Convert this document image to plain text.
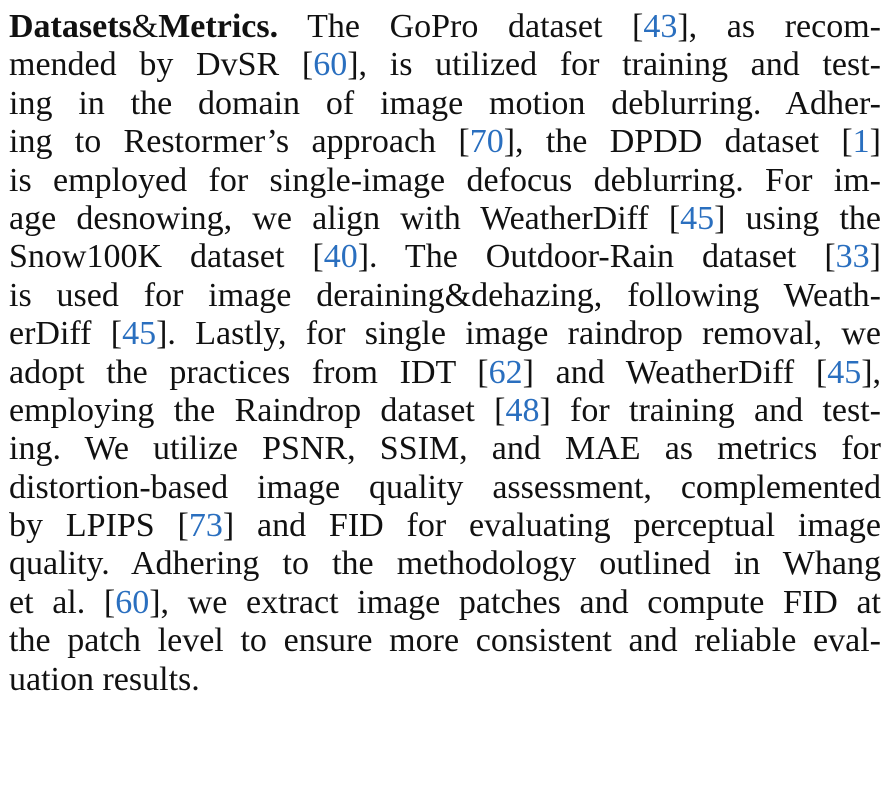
Datasets&Metrics. The GoPro dataset [43], as recom-
mended by DvSR [60], is utilized for training and test-
ing in the domain of image motion deblurring. Adher-
ing to Restormer’s approach [70], the DPDD dataset [1]
is employed for single-image defocus deblurring. For im-
age desnowing, we align with WeatherDiff [45] using the
Snow100K dataset [40]. The Outdoor-Rain dataset [33]
is used for image deraining&dehazing, following Weath-
erDiff [45]. Lastly, for single image raindrop removal, we
adopt the practices from IDT [62] and WeatherDiff [45],
employing the Raindrop dataset [48] for training and test-
ing. We utilize PSNR, SSIM, and MAE as metrics for
distortion-based image quality assessment, complemented
by LPIPS [73] and FID for evaluating perceptual image
quality. Adhering to the methodology outlined in Whang
et al. [60], we extract image patches and compute FID at
the patch level to ensure more consistent and reliable eval-
uation results.
